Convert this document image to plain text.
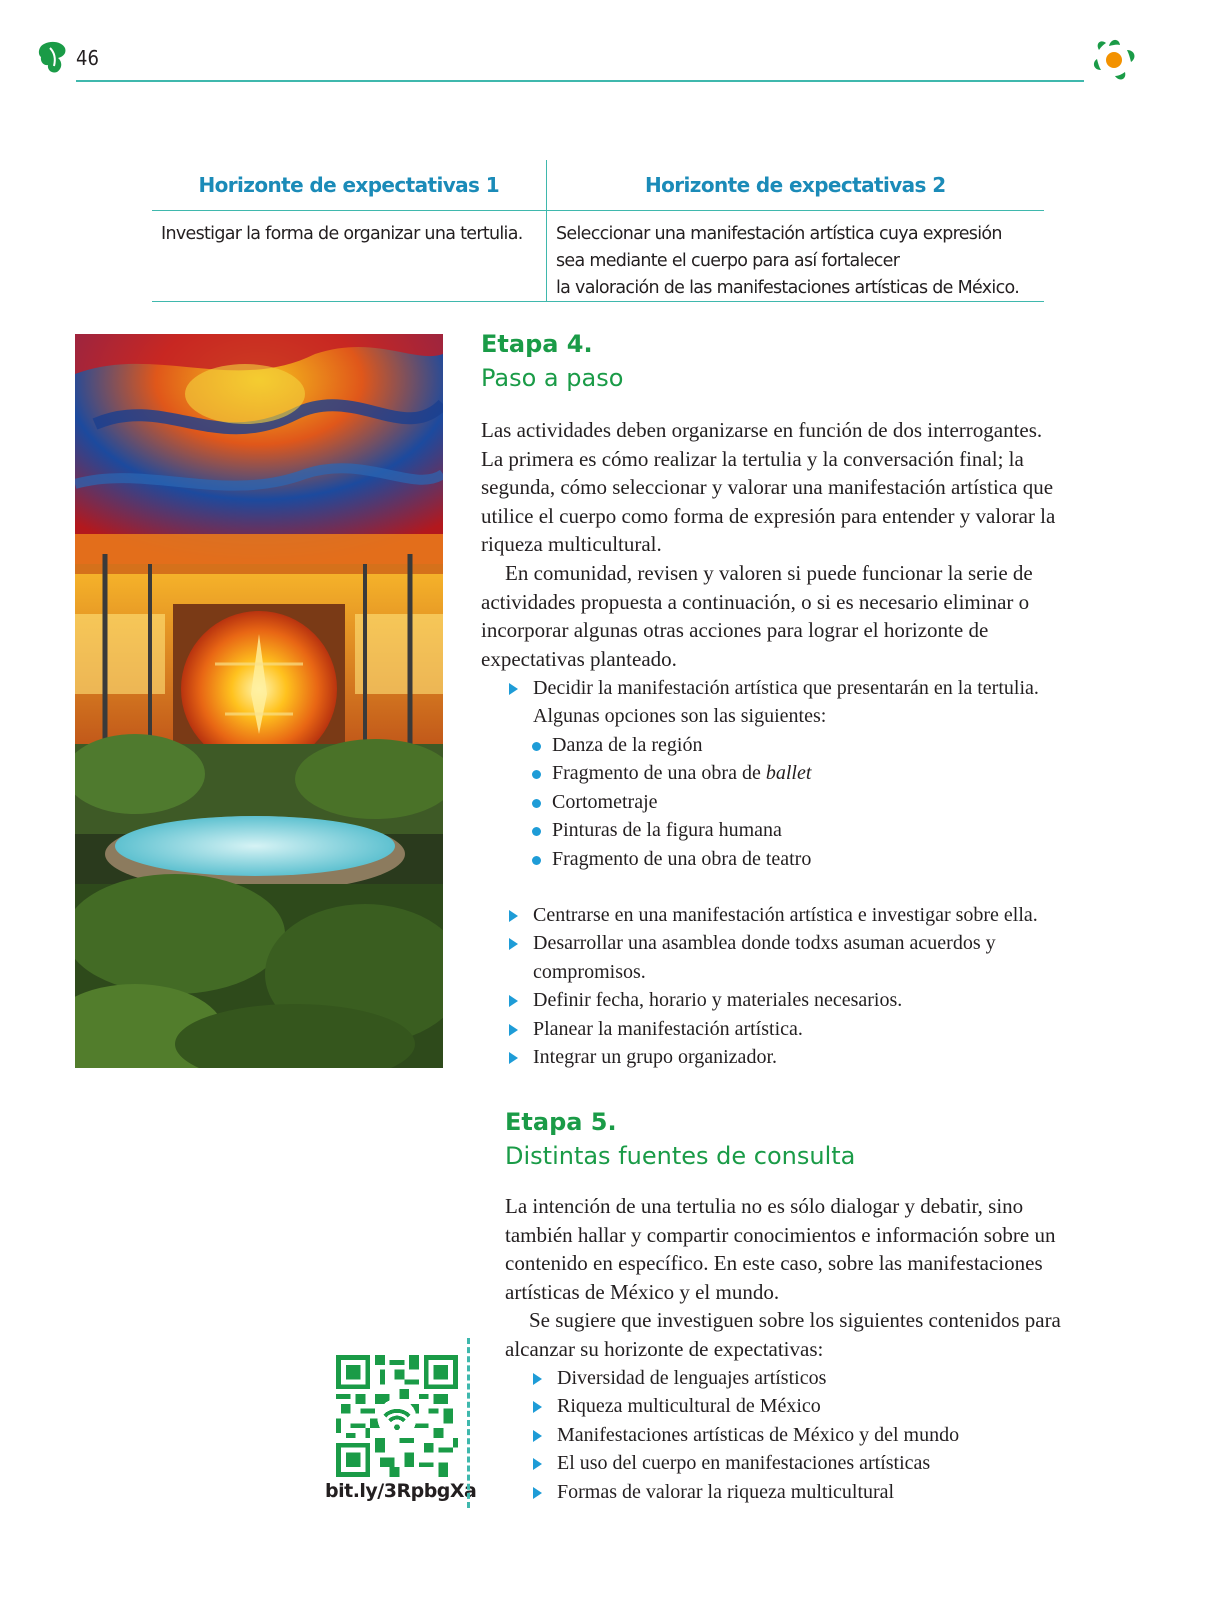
46
Horizonte de expectativas 1	Horizonte de expectativas 2
Investigar la forma de organizar una tertulia.	Seleccionar una manifestación artística cuya expresión
sea mediante el cuerpo para así fortalecer
la valoración de las manifestaciones artísticas de México.
Etapa 4.
Paso a paso

Las actividades deben organizarse en función de dos interrogantes. La primera es cómo realizar la tertulia y la conversación final; la segunda, cómo seleccionar y valorar una manifestación artística que utilice el cuerpo como forma de expresión para entender y valorar la riqueza multicultural.

En comunidad, revisen y valoren si puede funcionar la serie de actividades propuesta a continuación, o si es necesario eliminar o incorporar algunas otras acciones para lograr el horizonte de expectativas planteado.

Decidir la manifestación artística que presentarán en la tertulia. Algunas opciones son las siguientes:
Danza de la región
Fragmento de una obra de ballet
Cortometraje
Pinturas de la figura humana
Fragmento de una obra de teatro
Centrarse en una manifestación artística e investigar sobre ella.
Desarrollar una asamblea donde todxs asuman acuerdos y compromisos.
Definir fecha, horario y materiales necesarios.
Planear la manifestación artística.
Integrar un grupo organizador.
Etapa 5.
Distintas fuentes de consulta

La intención de una tertulia no es sólo dialogar y debatir, sino también hallar y compartir conocimientos e información sobre un contenido en específico. En este caso, sobre las manifestaciones artísticas de México y el mundo.

Se sugiere que investiguen sobre los siguientes contenidos para alcanzar su horizonte de expectativas:

Diversidad de lenguajes artísticos
Riqueza multicultural de México
Manifestaciones artísticas de México y del mundo
El uso del cuerpo en manifestaciones artísticas
Formas de valorar la riqueza multicultural
bit.ly/3RpbgXa
